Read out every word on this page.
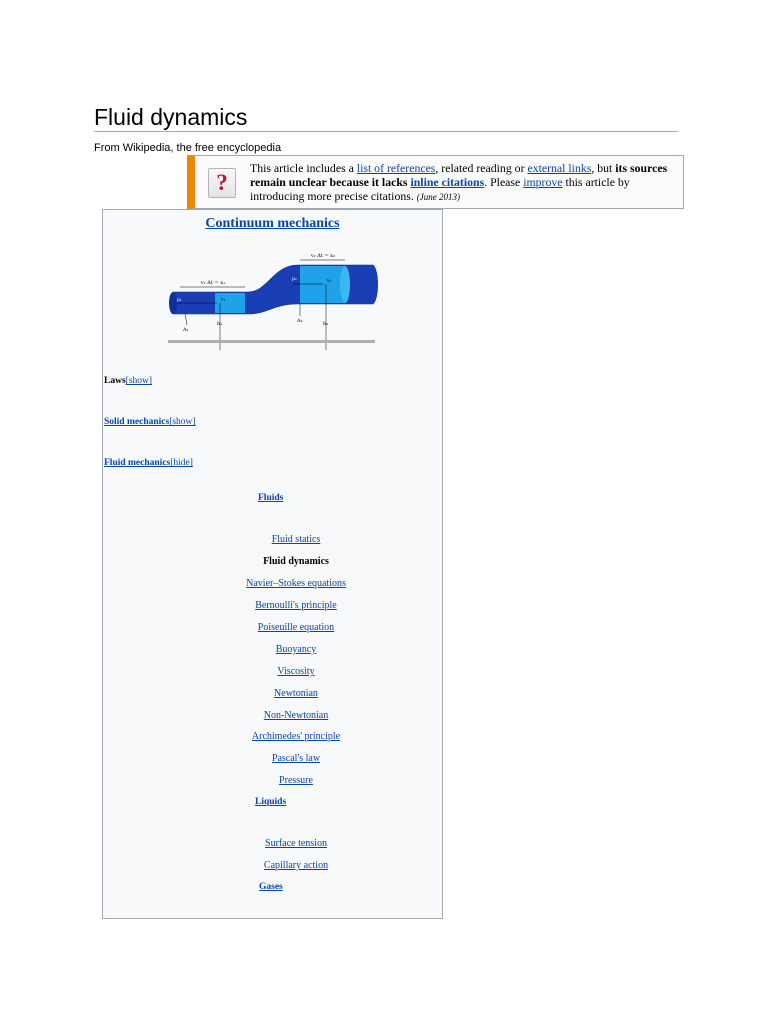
Fluid dynamics
From Wikipedia, the free encyclopedia
?
This article includes a list of references, related reading or external links, but its sources remain unclear because it lacks inline citations. Please improve this article by introducing more precise citations. (June 2013)
Continuum mechanics
v₂ Δt = x₂
v₁ Δt = x₁
p₁
p₂
v₁
v₂
A₁
A₂
h₁	h₂
Laws[show]
Solid mechanics[show]
Fluid mechanics[hide]
Fluids
Fluid statics
Fluid dynamics
Navier–Stokes equations
Bernoulli's principle
Poiseuille equation
Buoyancy
Viscosity
Newtonian
Non-Newtonian
Archimedes' principle
Pascal's law
Pressure
Liquids
Surface tension
Capillary action
Gases
